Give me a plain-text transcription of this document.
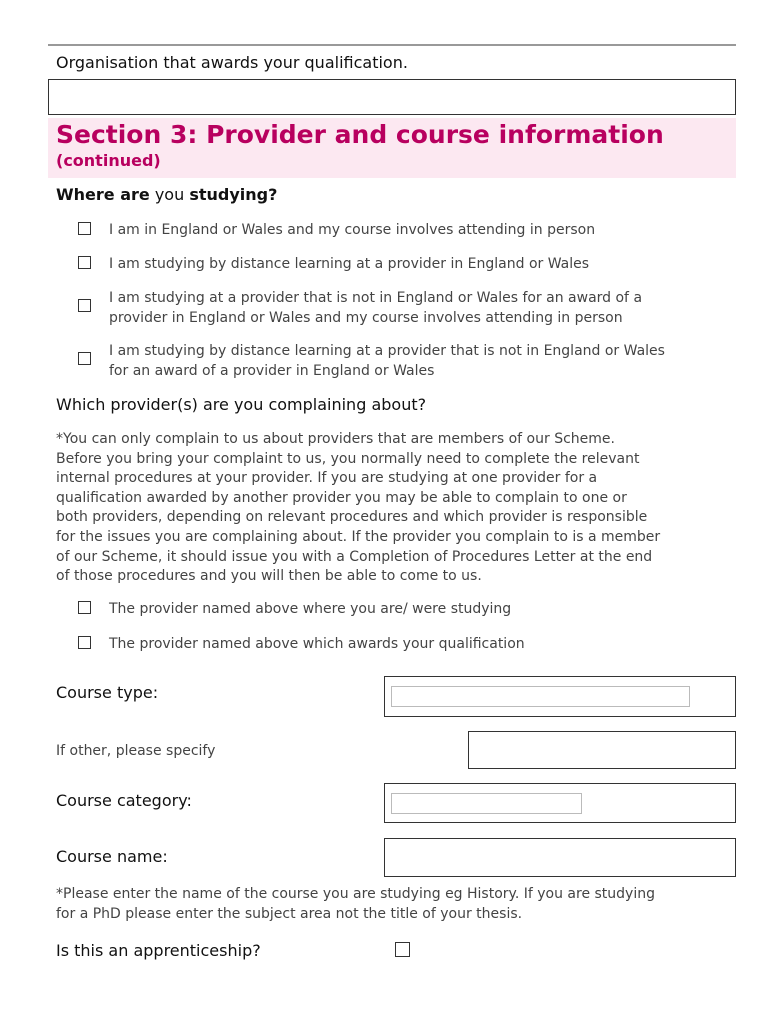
Organisation that awards your qualification.
Section 3: Provider and course information
(continued)
Where are you studying?
I am in England or Wales and my course involves attending in person
I am studying by distance learning at a provider in England or Wales
I am studying at a provider that is not in England or Wales for an award of a
provider in England or Wales and my course involves attending in person
I am studying by distance learning at a provider that is not in England or Wales
for an award of a provider in England or Wales
Which provider(s) are you complaining about?
*You can only complain to us about providers that are members of our Scheme.
Before you bring your complaint to us, you normally need to complete the relevant
internal procedures at your provider. If you are studying at one provider for a
qualification awarded by another provider you may be able to complain to one or
both providers, depending on relevant procedures and which provider is responsible
for the issues you are complaining about. If the provider you complain to is a member
of our Scheme, it should issue you with a Completion of Procedures Letter at the end
of those procedures and you will then be able to come to us.
The provider named above where you are/ were studying
The provider named above which awards your qualification
Course type:
If other, please specify
Course category:
Course name:
*Please enter the name of the course you are studying eg History. If you are studying
for a PhD please enter the subject area not the title of your thesis.
Is this an apprenticeship?
